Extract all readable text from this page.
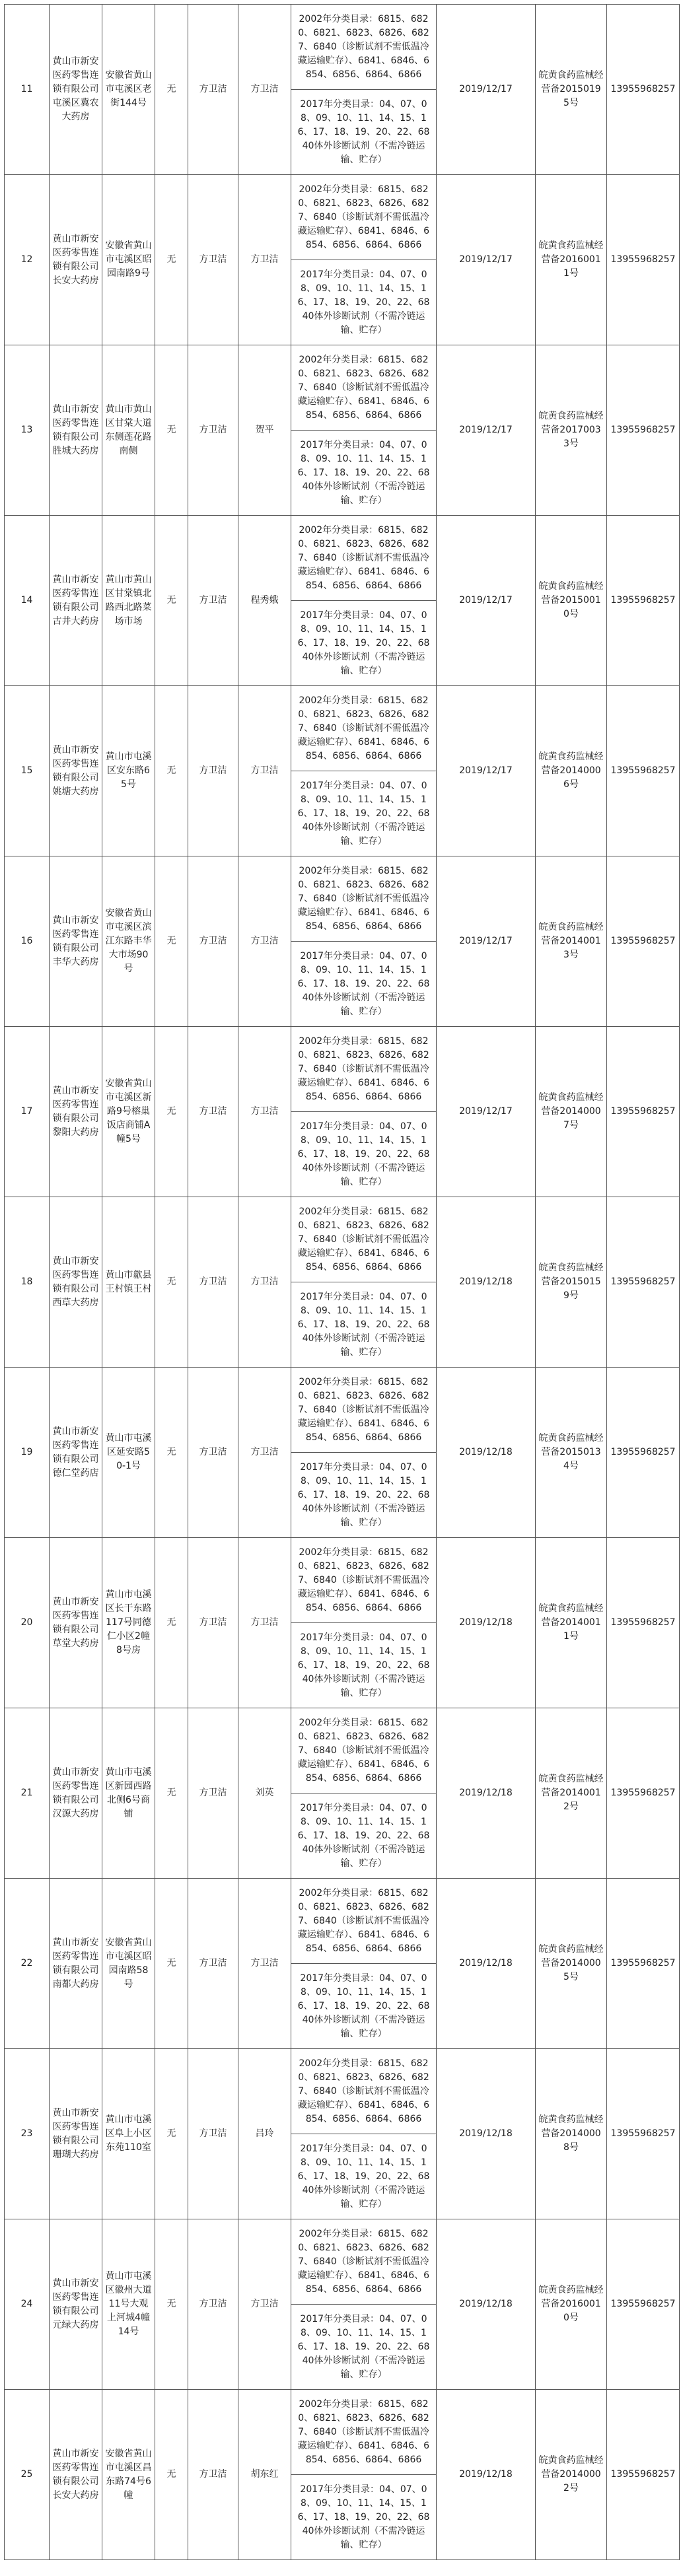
11	黄山市新安医药零售连锁有限公司屯溪区冀农大药房	安徽省黄山市屯溪区老街144号	无	方卫洁	方卫洁	2002年分类目录：6815、6820、6821、6823、6826、6827、6840（诊断试剂不需低温冷藏运输贮存）、6841、6846、6854、6856、6864、6866	2019/12/17	皖黄食药监械经营备20150195号	13955968257
						2017年分类目录：04、07、08、09、10、11、14、15、16、17、18、19、20、22、6840体外诊断试剂（不需冷链运输、贮存）			
12	黄山市新安医药零售连锁有限公司长安大药房	安徽省黄山市屯溪区昭园南路9号	无	方卫洁	方卫洁	2002年分类目录：6815、6820、6821、6823、6826、6827、6840（诊断试剂不需低温冷藏运输贮存）、6841、6846、6854、6856、6864、6866	2019/12/17	皖黄食药监械经营备20160011号	13955968257
						2017年分类目录：04、07、08、09、10、11、14、15、16、17、18、19、20、22、6840体外诊断试剂（不需冷链运输、贮存）			
13	黄山市新安医药零售连锁有限公司胜城大药房	黄山市黄山区甘棠大道东侧莲花路南侧	无	方卫洁	贺平	2002年分类目录：6815、6820、6821、6823、6826、6827、6840（诊断试剂不需低温冷藏运输贮存）、6841、6846、6854、6856、6864、6866	2019/12/17	皖黄食药监械经营备20170033号	13955968257
						2017年分类目录：04、07、08、09、10、11、14、15、16、17、18、19、20、22、6840体外诊断试剂（不需冷链运输、贮存）			
14	黄山市新安医药零售连锁有限公司古井大药房	黄山市黄山区甘棠镇北路西北路菜场市场	无	方卫洁	程秀娥	2002年分类目录：6815、6820、6821、6823、6826、6827、6840（诊断试剂不需低温冷藏运输贮存）、6841、6846、6854、6856、6864、6866	2019/12/17	皖黄食药监械经营备20150010号	13955968257
						2017年分类目录：04、07、08、09、10、11、14、15、16、17、18、19、20、22、6840体外诊断试剂（不需冷链运输、贮存）			
15	黄山市新安医药零售连锁有限公司姚塘大药房	黄山市屯溪区安东路65号	无	方卫洁	方卫洁	2002年分类目录：6815、6820、6821、6823、6826、6827、6840（诊断试剂不需低温冷藏运输贮存）、6841、6846、6854、6856、6864、6866	2019/12/17	皖黄食药监械经营备20140006号	13955968257
						2017年分类目录：04、07、08、09、10、11、14、15、16、17、18、19、20、22、6840体外诊断试剂（不需冷链运输、贮存）			
16	黄山市新安医药零售连锁有限公司丰华大药房	安徽省黄山市屯溪区滨江东路丰华大市场90号	无	方卫洁	方卫洁	2002年分类目录：6815、6820、6821、6823、6826、6827、6840（诊断试剂不需低温冷藏运输贮存）、6841、6846、6854、6856、6864、6866	2019/12/17	皖黄食药监械经营备20140013号	13955968257
						2017年分类目录：04、07、08、09、10、11、14、15、16、17、18、19、20、22、6840体外诊断试剂（不需冷链运输、贮存）			
17	黄山市新安医药零售连锁有限公司黎阳大药房	安徽省黄山市屯溪区新路9号榕巢饭店商铺A幢5号	无	方卫洁	方卫洁	2002年分类目录：6815、6820、6821、6823、6826、6827、6840（诊断试剂不需低温冷藏运输贮存）、6841、6846、6854、6856、6864、6866	2019/12/17	皖黄食药监械经营备20140007号	13955968257
						2017年分类目录：04、07、08、09、10、11、14、15、16、17、18、19、20、22、6840体外诊断试剂（不需冷链运输、贮存）			
18	黄山市新安医药零售连锁有限公司西草大药房	黄山市歙县王村镇王村	无	方卫洁	方卫洁	2002年分类目录：6815、6820、6821、6823、6826、6827、6840（诊断试剂不需低温冷藏运输贮存）、6841、6846、6854、6856、6864、6866	2019/12/18	皖黄食药监械经营备20150159号	13955968257
						2017年分类目录：04、07、08、09、10、11、14、15、16、17、18、19、20、22、6840体外诊断试剂（不需冷链运输、贮存）			
19	黄山市新安医药零售连锁有限公司德仁堂药店	黄山市屯溪区延安路50-1号	无	方卫洁	方卫洁	2002年分类目录：6815、6820、6821、6823、6826、6827、6840（诊断试剂不需低温冷藏运输贮存）、6841、6846、6854、6856、6864、6866	2019/12/18	皖黄食药监械经营备20150134号	13955968257
						2017年分类目录：04、07、08、09、10、11、14、15、16、17、18、19、20、22、6840体外诊断试剂（不需冷链运输、贮存）			
20	黄山市新安医药零售连锁有限公司草堂大药房	黄山市屯溪区长干东路117号同德仁小区2幢8号房	无	方卫洁	方卫洁	2002年分类目录：6815、6820、6821、6823、6826、6827、6840（诊断试剂不需低温冷藏运输贮存）、6841、6846、6854、6856、6864、6866	2019/12/18	皖黄食药监械经营备20140011号	13955968257
						2017年分类目录：04、07、08、09、10、11、14、15、16、17、18、19、20、22、6840体外诊断试剂（不需冷链运输、贮存）			
21	黄山市新安医药零售连锁有限公司汉源大药房	黄山市屯溪区新园西路北侧6号商铺	无	方卫洁	刘英	2002年分类目录：6815、6820、6821、6823、6826、6827、6840（诊断试剂不需低温冷藏运输贮存）、6841、6846、6854、6856、6864、6866	2019/12/18	皖黄食药监械经营备20140012号	13955968257
						2017年分类目录：04、07、08、09、10、11、14、15、16、17、18、19、20、22、6840体外诊断试剂（不需冷链运输、贮存）			
22	黄山市新安医药零售连锁有限公司南都大药房	安徽省黄山市屯溪区昭园南路58号	无	方卫洁	方卫洁	2002年分类目录：6815、6820、6821、6823、6826、6827、6840（诊断试剂不需低温冷藏运输贮存）、6841、6846、6854、6856、6864、6866	2019/12/18	皖黄食药监械经营备20140005号	13955968257
						2017年分类目录：04、07、08、09、10、11、14、15、16、17、18、19、20、22、6840体外诊断试剂（不需冷链运输、贮存）			
23	黄山市新安医药零售连锁有限公司珊瑚大药房	黄山市屯溪区阜上小区东苑110室	无	方卫洁	吕玲	2002年分类目录：6815、6820、6821、6823、6826、6827、6840（诊断试剂不需低温冷藏运输贮存）、6841、6846、6854、6856、6864、6866	2019/12/18	皖黄食药监械经营备20140008号	13955968257
						2017年分类目录：04、07、08、09、10、11、14、15、16、17、18、19、20、22、6840体外诊断试剂（不需冷链运输、贮存）			
24	黄山市新安医药零售连锁有限公司元绿大药房	黄山市屯溪区徽州大道11号大观上河城4幢14号	无	方卫洁	方卫洁	2002年分类目录：6815、6820、6821、6823、6826、6827、6840（诊断试剂不需低温冷藏运输贮存）、6841、6846、6854、6856、6864、6866	2019/12/18	皖黄食药监械经营备20160010号	13955968257
						2017年分类目录：04、07、08、09、10、11、14、15、16、17、18、19、20、22、6840体外诊断试剂（不需冷链运输、贮存）			
25	黄山市新安医药零售连锁有限公司长安大药房	安徽省黄山市屯溪区昌东路74号6幢	无	方卫洁	胡东红	2002年分类目录：6815、6820、6821、6823、6826、6827、6840（诊断试剂不需低温冷藏运输贮存）、6841、6846、6854、6856、6864、6866	2019/12/18	皖黄食药监械经营备20140002号	13955968257
						2017年分类目录：04、07、08、09、10、11、14、15、16、17、18、19、20、22、6840体外诊断试剂（不需冷链运输、贮存）			
